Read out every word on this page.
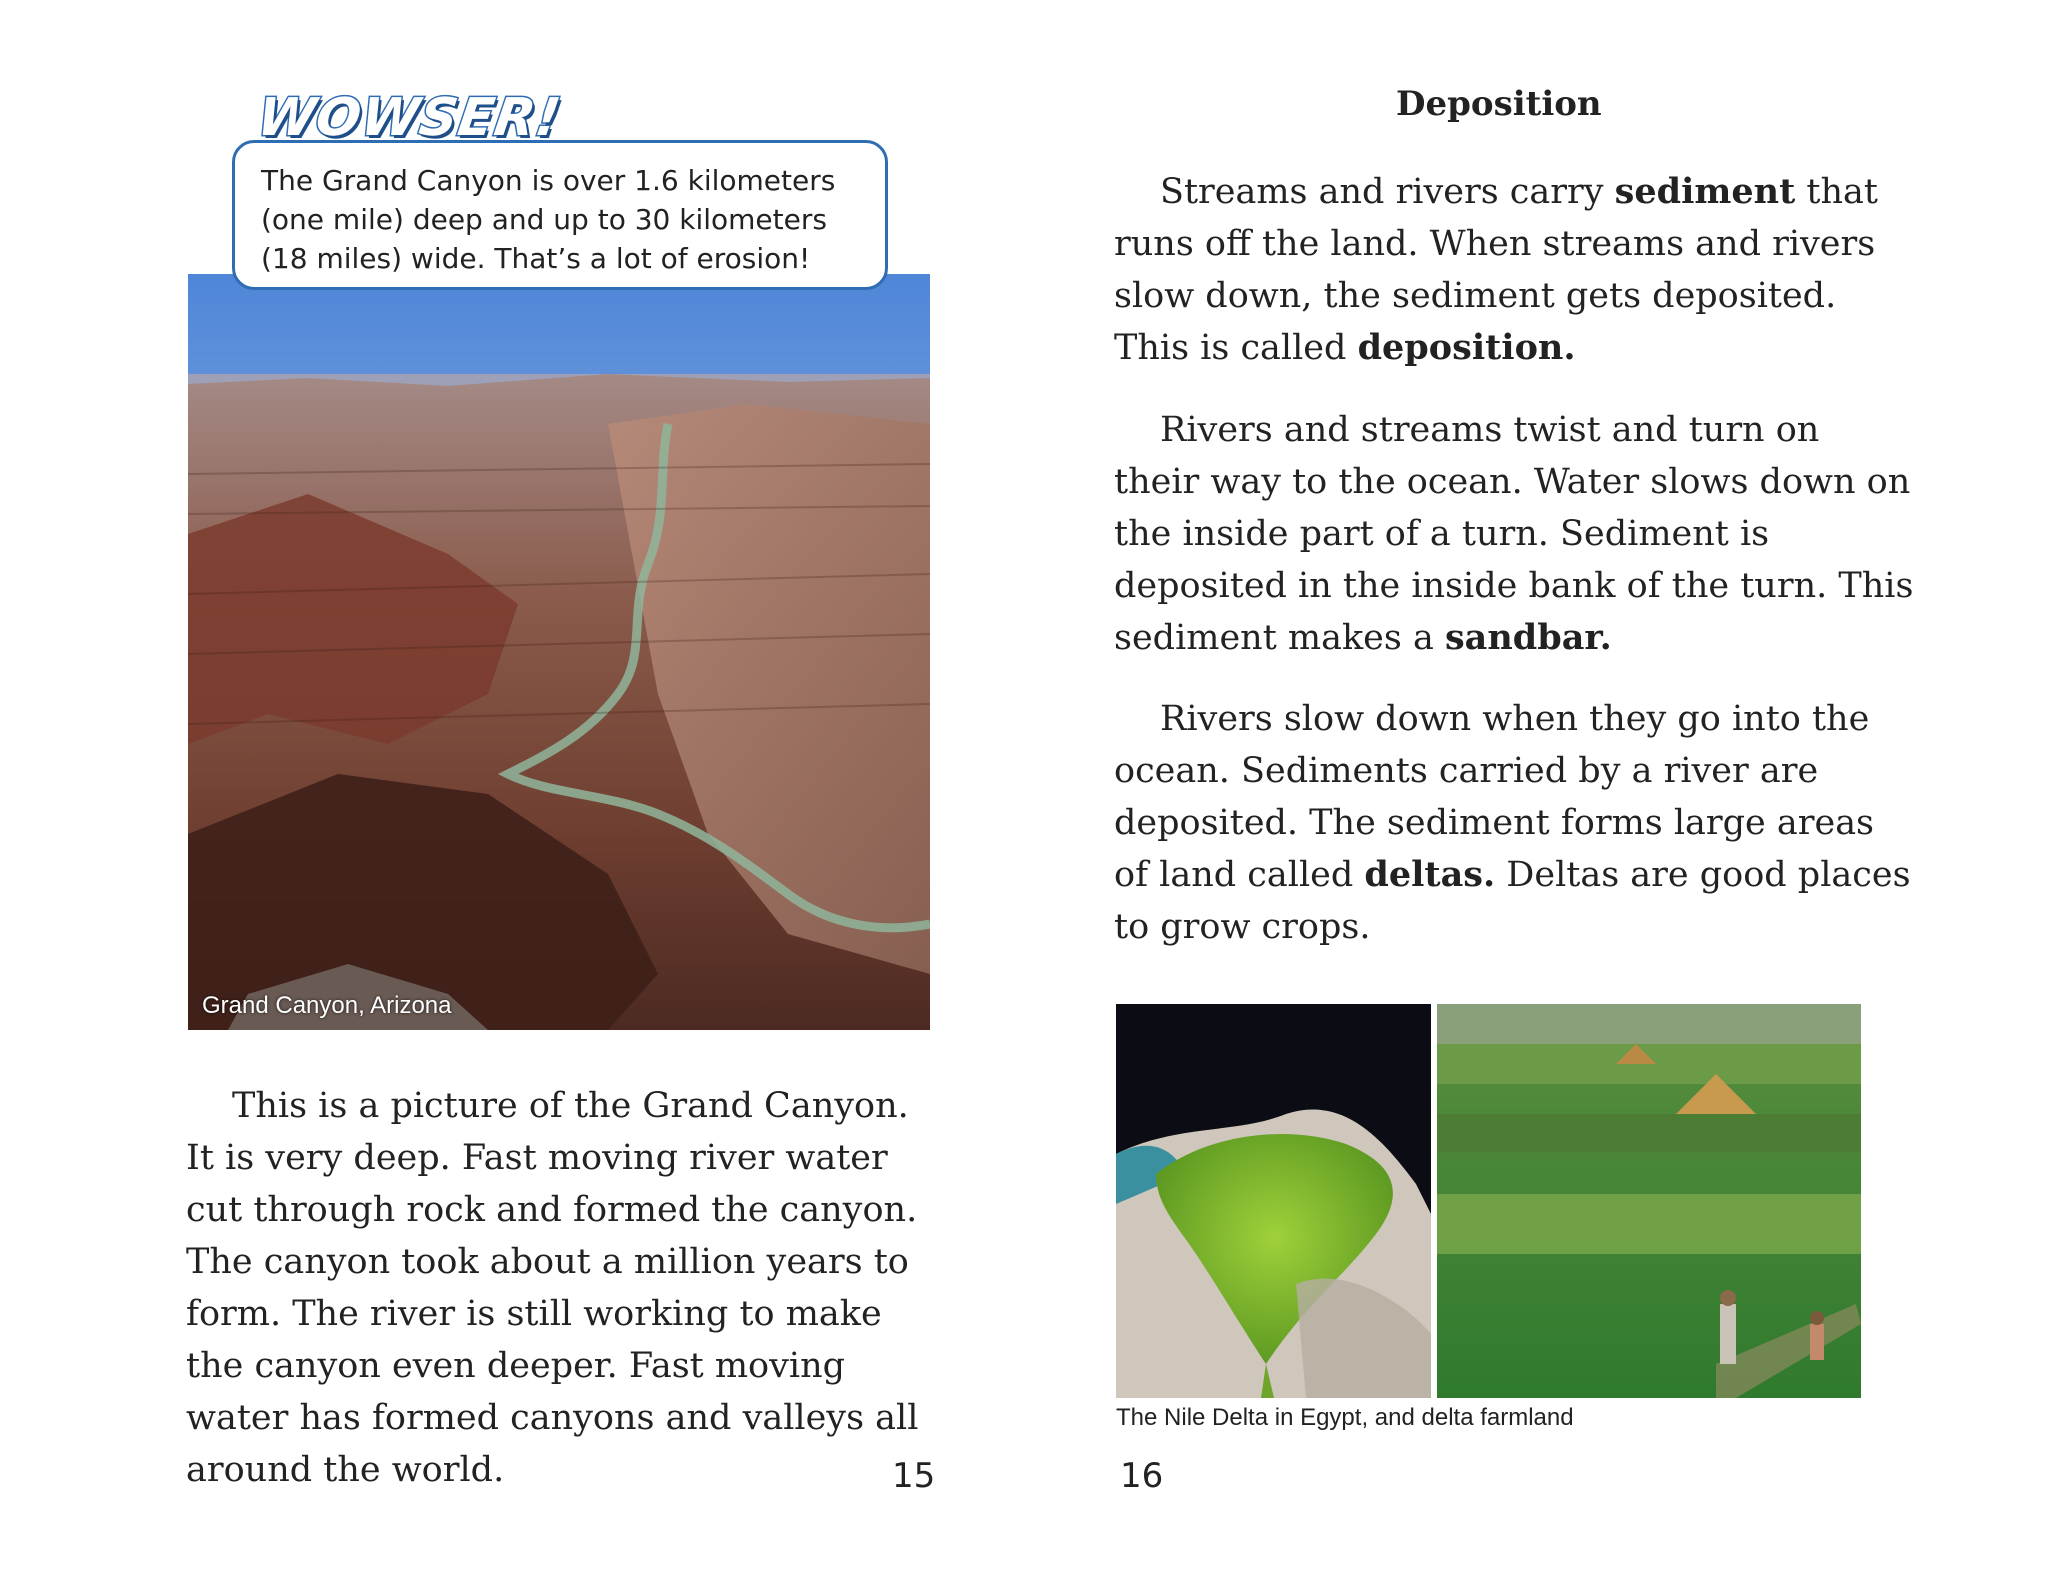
WOWSER!

The Grand Canyon is over 1.6 kilometers (one mile) deep and up to 30 kilometers (18 miles) wide. That’s a lot of erosion!

Grand Canyon, Arizona

This is a picture of the Grand Canyon. It is very deep. Fast moving river water cut through rock and formed the canyon. The canyon took about a million years to form. The river is still working to make the canyon even deeper. Fast moving water has formed canyons and valleys all around the world.	15
Deposition

Streams and rivers carry sediment that runs off the land. When streams and rivers slow down, the sediment gets deposited. This is called deposition.

Rivers and streams twist and turn on their way to the ocean. Water slows down on the inside part of a turn. Sediment is deposited in the inside bank of the turn. This sediment makes a sandbar.

Rivers slow down when they go into the ocean. Sediments carried by a river are deposited. The sediment forms large areas of land called deltas. Deltas are good places to grow crops.

The Nile Delta in Egypt, and delta farmland
16
